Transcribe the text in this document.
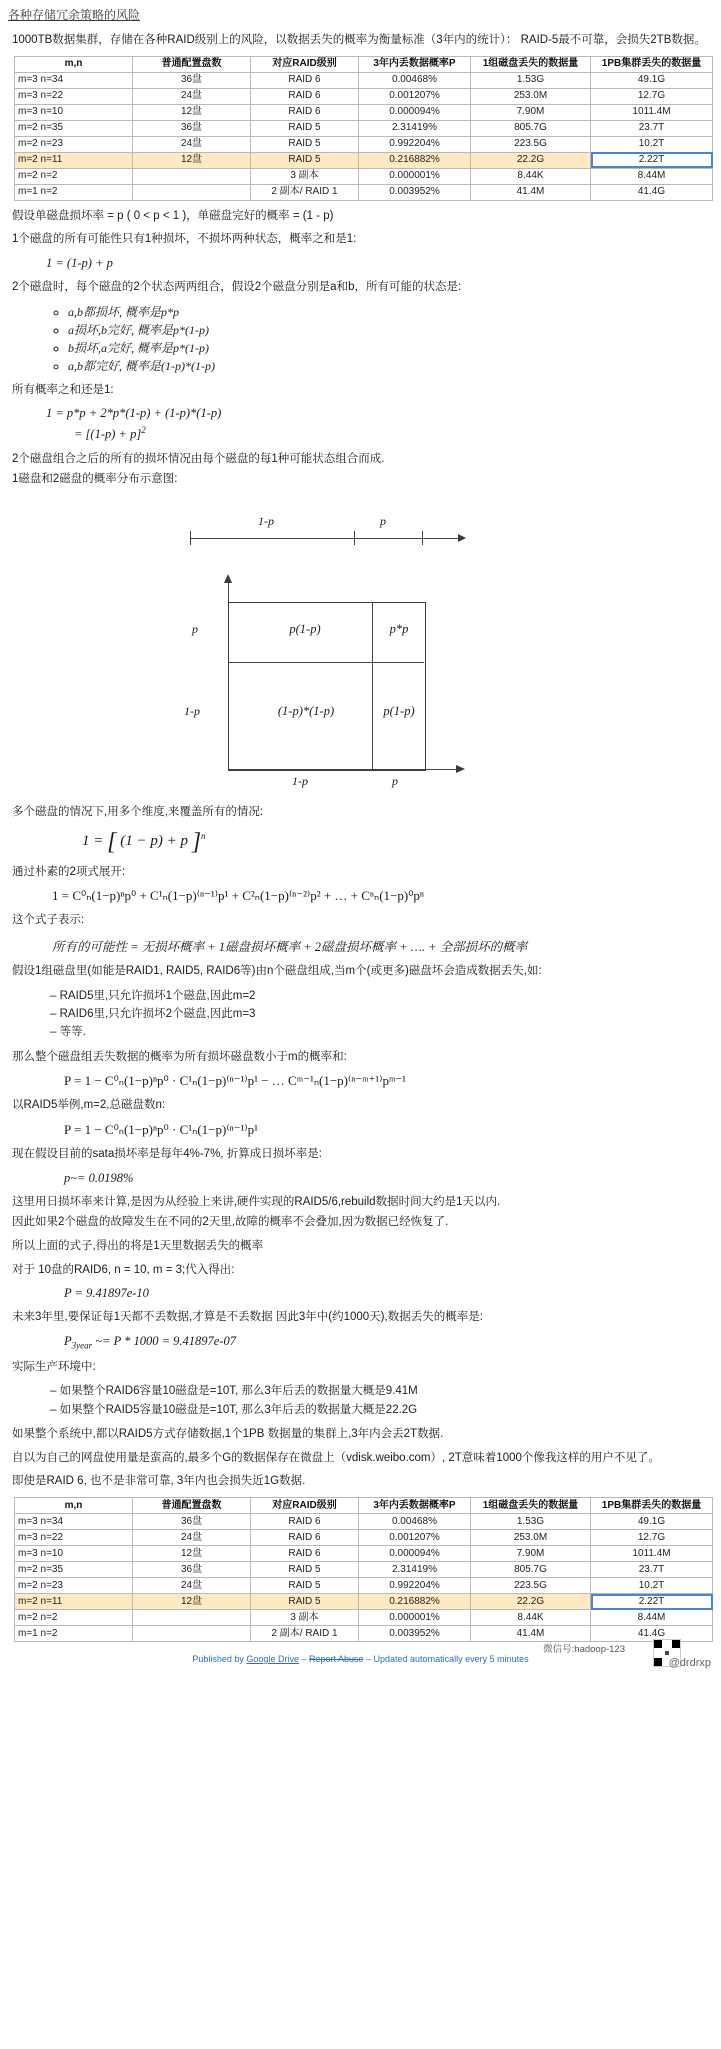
各种存储冗余策略的风险

1000TB数据集群，存储在各种RAID级别上的风险，以数据丢失的概率为衡量标准（3年内的统计）： RAID-5最不可靠，会损失2TB数据。

m,n	普通配置盘数	对应RAID级别	3年内丢数据概率P	1组磁盘丢失的数据量	1PB集群丢失的数据量
m=3 n=34	36盘	RAID 6	0.00468%	1.53G	49.1G
m=3 n=22	24盘	RAID 6	0.001207%	253.0M	12.7G
m=3 n=10	12盘	RAID 6	0.000094%	7.90M	1011.4M
m=2 n=35	36盘	RAID 5	2.31419%	805.7G	23.7T
m=2 n=23	24盘	RAID 5	0.992204%	223.5G	10.2T
m=2 n=11	12盘	RAID 5	0.216882%	22.2G	2.22T
m=2 n=2		3 副本	0.000001%	8.44K	8.44M
m=1 n=2		2 副本/ RAID 1	0.003952%	41.4M	41.4G

假设单磁盘损坏率 = p ( 0 < p < 1 )，单磁盘完好的概率 = (1 - p)

1个磁盘的所有可能性只有1种损坏，不损坏两种状态，概率之和是1:

1 = (1-p) + p

2个磁盘时，每个磁盘的2个状态两两组合，假设2个磁盘分别是a和b，所有可能的状态是:

◦ a,b都损坏, 概率是p*p
◦ a损坏,b完好, 概率是p*(1-p)
◦ b损坏,a完好, 概率是p*(1-p)
◦ a,b都完好, 概率是(1-p)*(1-p)

所有概率之和还是1:

1 = p*p + 2*p*(1-p) + (1-p)*(1-p)
= $[(1-p) + p]^2$

2个磁盘组合之后的所有的损坏情况由每个磁盘的每1种可能状态组合而成.

1磁盘和2磁盘的概率分布示意图:

1-p	p
p(1-p)	p*p
(1-p)*(1-p)	p(1-p)
p
1-p
1-p	p

多个磁盘的情况下,用多个维度,来覆盖所有的情况:

1 = [ (1 − p) + p ]$^n$

通过朴素的2项式展开:

1 = C⁰ₙ(1−p)ⁿp⁰ + C¹ₙ(1−p)⁽ⁿ⁻¹⁾p¹ + C²ₙ(1−p)⁽ⁿ⁻²⁾p² + … + Cⁿₙ(1−p)⁰pⁿ

这个式子表示:

所有的可能性 = 无损坏概率 + 1磁盘损坏概率 + 2磁盘损坏概率 + …. + 全部损坏的概率

假设1组磁盘里(如能是RAID1, RAID5, RAID6等)由n个磁盘组成,当m个(或更多)磁盘坏会造成数据丢失,如:

– RAID5里,只允许损坏1个磁盘,因此m=2
– RAID6里,只允许损坏2个磁盘,因此m=3
– 等等.

那么整个磁盘组丢失数据的概率为所有损坏磁盘数小于m的概率和:

P = 1 − C⁰ₙ(1−p)ⁿp⁰ · C¹ₙ(1−p)⁽ⁿ⁻¹⁾p¹ − … Cᵐ⁻¹ₙ(1−p)⁽ⁿ⁻ᵐ⁺¹⁾pᵐ⁻¹

以RAID5举例,m=2,总磁盘数n:

P = 1 − C⁰ₙ(1−p)ⁿp⁰ · C¹ₙ(1−p)⁽ⁿ⁻¹⁾p¹

现在假设目前的sata损坏率是每年4%-7%, 折算成日损坏率是:

p~= 0.0198%

这里用日损坏率来计算,是因为从经验上来讲,硬件实现的RAID5/6,rebuild数据时间大约是1天以内.

因此如果2个磁盘的故障发生在不同的2天里,故障的概率不会叠加,因为数据已经恢复了.

所以上面的式子,得出的将是1天里数据丢失的概率

对于 10盘的RAID6, n = 10, m = 3;代入得出:

P = 9.41897e-10

未来3年里,要保证每1天都不丢数据,才算是不丢数据 因此3年中(约1000天),数据丢失的概率是:

$P_{3year}$ ~= P * 1000 = 9.41897e-07

实际生产环境中:

– 如果整个RAID6容量10磁盘是=10T, 那么3年后丢的数据量大概是9.41M
– 如果整个RAID5容量10磁盘是=10T, 那么3年后丢的数据量大概是22.2G

如果整个系统中,都以RAID5方式存储数据,1个1PB 数据量的集群上,3年内会丢2T数据.

自以为自己的网盘使用量是蛮高的,最多个G的数据保存在微盘上（vdisk.weibo.com）, 2T意味着1000个像我这样的用户不见了。

即使是RAID 6, 也不是非常可靠, 3年内也会损失近1G数据.

m,n	普通配置盘数	对应RAID级别	3年内丢数据概率P	1组磁盘丢失的数据量	1PB集群丢失的数据量
m=3 n=34	36盘	RAID 6	0.00468%	1.53G	49.1G
m=3 n=22	24盘	RAID 6	0.001207%	253.0M	12.7G
m=3 n=10	12盘	RAID 6	0.000094%	7.90M	1011.4M
m=2 n=35	36盘	RAID 5	2.31419%	805.7G	23.7T
m=2 n=23	24盘	RAID 5	0.992204%	223.5G	10.2T
m=2 n=11	12盘	RAID 5	0.216882%	22.2G	2.22T
m=2 n=2		3 副本	0.000001%	8.44K	8.44M
m=1 n=2		2 副本/ RAID 1	0.003952%	41.4M	41.4G
Published by Google Drive – Report Abuse – Updated automatically every 5 minutes
微信号:hadoop-123
@drdrxp
